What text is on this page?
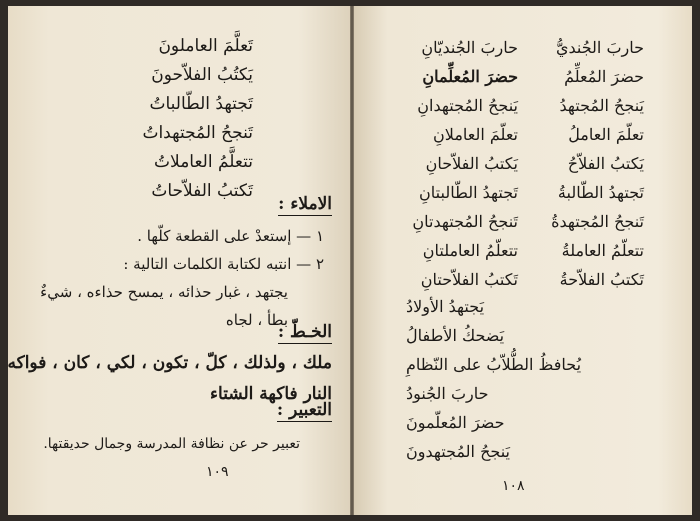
تَعلَّمَ العاملونَ
يَكتُبُ الفلاّحونَ
تَجتهدُ الطّالباتُ
تَنجحُ المُجتهداتُ
تتعلَّمُ العاملاتُ
تَكتبُ الفلاّحاتُ
الاملاء :
١ — إستعدْ على القطعة كلّها .
٢ — انتبه لكتابة الكلمات التالية :
يجتهد ، غبار حذائه ، يمسح حذاءه ، شيءٌ
بطأ ، لجاه
الخـطّ :
ملك ، ولذلك ، كلّ ، تكون ، لكي ، كان ، فواكه
النار فاكهة الشتاء
التعبير :
تعبير حر عن نظافة المدرسة وجمال حديقتها.
١٠٩
حاربَ الجُنديُّ
حضرَ المُعلِّمُ
يَنجحُ المُجتهدُ
تعلّمَ العاملُ
يَكتبُ الفلاّحُ
تَجتهدُ الطّالبةُ
تَنجحُ المُجتهدةُ
تتعلّمُ العاملةُ
تَكتبُ الفلاّحةُ
حاربَ الجُنديّانِ
حضرَ المُعلِّمانِ
يَنجحُ المُجتهدانِ
تعلّمَ العاملانِ
يَكتبُ الفلاّحانِ
تَجتهدُ الطّالبتانِ
تَنجحُ المُجتهدتانِ
تتعلّمُ العاملتانِ
تَكتبُ الفلاّحتانِ
يَجتهدُ الأولادُ
يَضحكُ الأطفالُ
يُحافظُ الطُّلاّبُ على النّظامِ
حاربَ الجُنودُ
حضرَ المُعلّمونَ
يَنجحُ المُجتهدونَ
١٠٨
